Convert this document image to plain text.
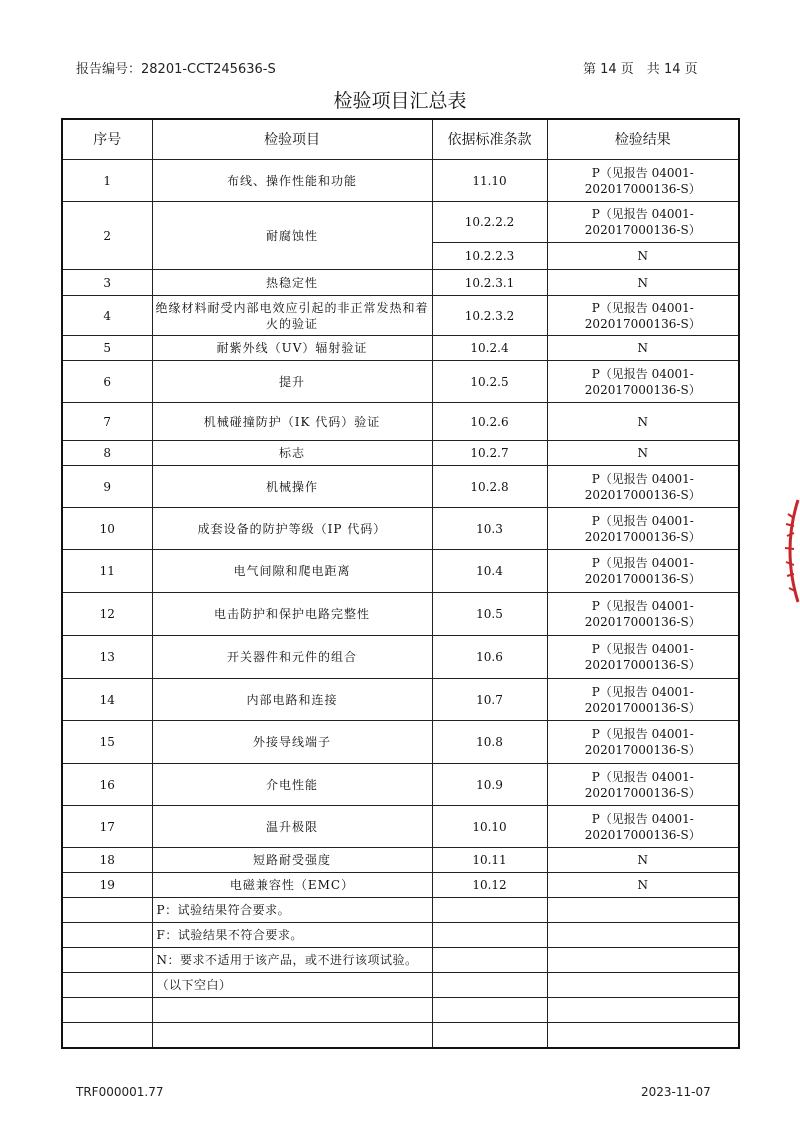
报告编号：28201-CCT245636-S	第 14 页　共 14 页
检验项目汇总表
序号	检验项目	依据标准条款	检验结果
1	布线、操作性能和功能	11.10	P（见报告 04001-202017000136-S）
2	耐腐蚀性	10.2.2.2	P（见报告 04001-202017000136-S）
		10.2.2.3	N
3	热稳定性	10.2.3.1	N
4	绝缘材料耐受内部电效应引起的非正常发热和着火的验证	10.2.3.2	P（见报告 04001-202017000136-S）
5	耐紫外线（UV）辐射验证	10.2.4	N
6	提升	10.2.5	P（见报告 04001-202017000136-S）
7	机械碰撞防护（IK 代码）验证	10.2.6	N
8	标志	10.2.7	N
9	机械操作	10.2.8	P（见报告 04001-202017000136-S）
10	成套设备的防护等级（IP 代码）	10.3	P（见报告 04001-202017000136-S）
11	电气间隙和爬电距离	10.4	P（见报告 04001-202017000136-S）
12	电击防护和保护电路完整性	10.5	P（见报告 04001-202017000136-S）
13	开关器件和元件的组合	10.6	P（见报告 04001-202017000136-S）
14	内部电路和连接	10.7	P（见报告 04001-202017000136-S）
15	外接导线端子	10.8	P（见报告 04001-202017000136-S）
16	介电性能	10.9	P（见报告 04001-202017000136-S）
17	温升极限	10.10	P（见报告 04001-202017000136-S）
18	短路耐受强度	10.11	N
19	电磁兼容性（EMC）	10.12	N
	P：试验结果符合要求。		
	F：试验结果不符合要求。		
	N：要求不适用于该产品，或不进行该项试验。		
	（以下空白）		

TRF000001.77	2023-11-07
